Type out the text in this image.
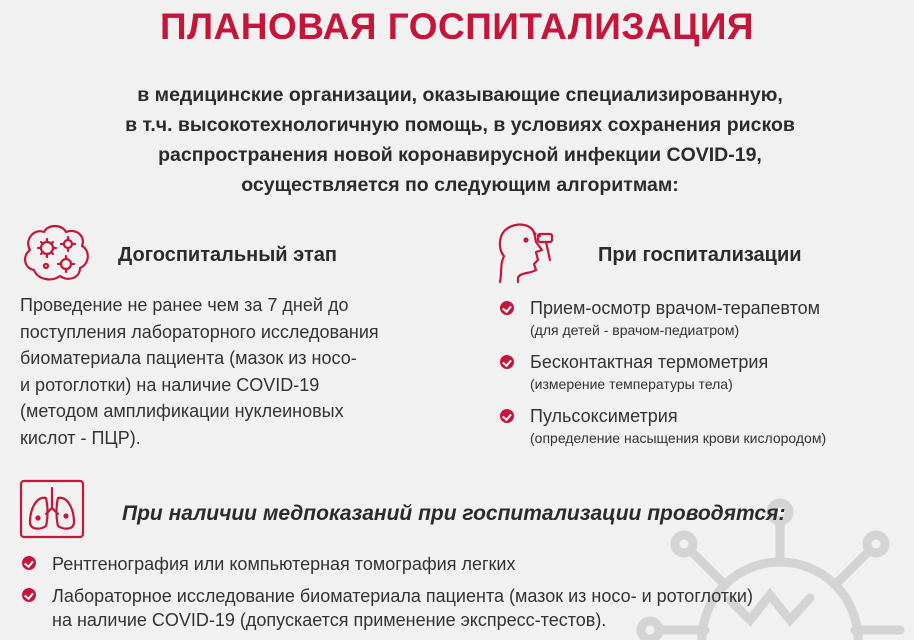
ПЛАНОВАЯ ГОСПИТАЛИЗАЦИЯ
в медицинские организации, оказывающие специализированную,
в т.ч. высокотехнологичную помощь, в условиях сохранения рисков
распространения новой коронавирусной инфекции COVID-19,
осуществляется по следующим алгоритмам:
Догоспитальный этап
Проведение не ранее чем за 7 дней до
поступления лабораторного исследования
биоматериала пациента (мазок из носо-
и ротоглотки) на наличие COVID-19
(методом амплификации нуклеиновых
кислот - ПЦР).
При госпитализации
Прием-осмотр врачом-терапевтом
(для детей - врачом-педиатром)
Бесконтактная термометрия
(измерение температуры тела)
Пульсоксиметрия
(определение насыщения крови кислородом)
При наличии медпоказаний при госпитализации проводятся:
Рентгенография или компьютерная томография легких
Лабораторное исследование биоматериала пациента (мазок из носо- и ротоглотки)
на наличие COVID-19 (допускается применение экспресс-тестов).
